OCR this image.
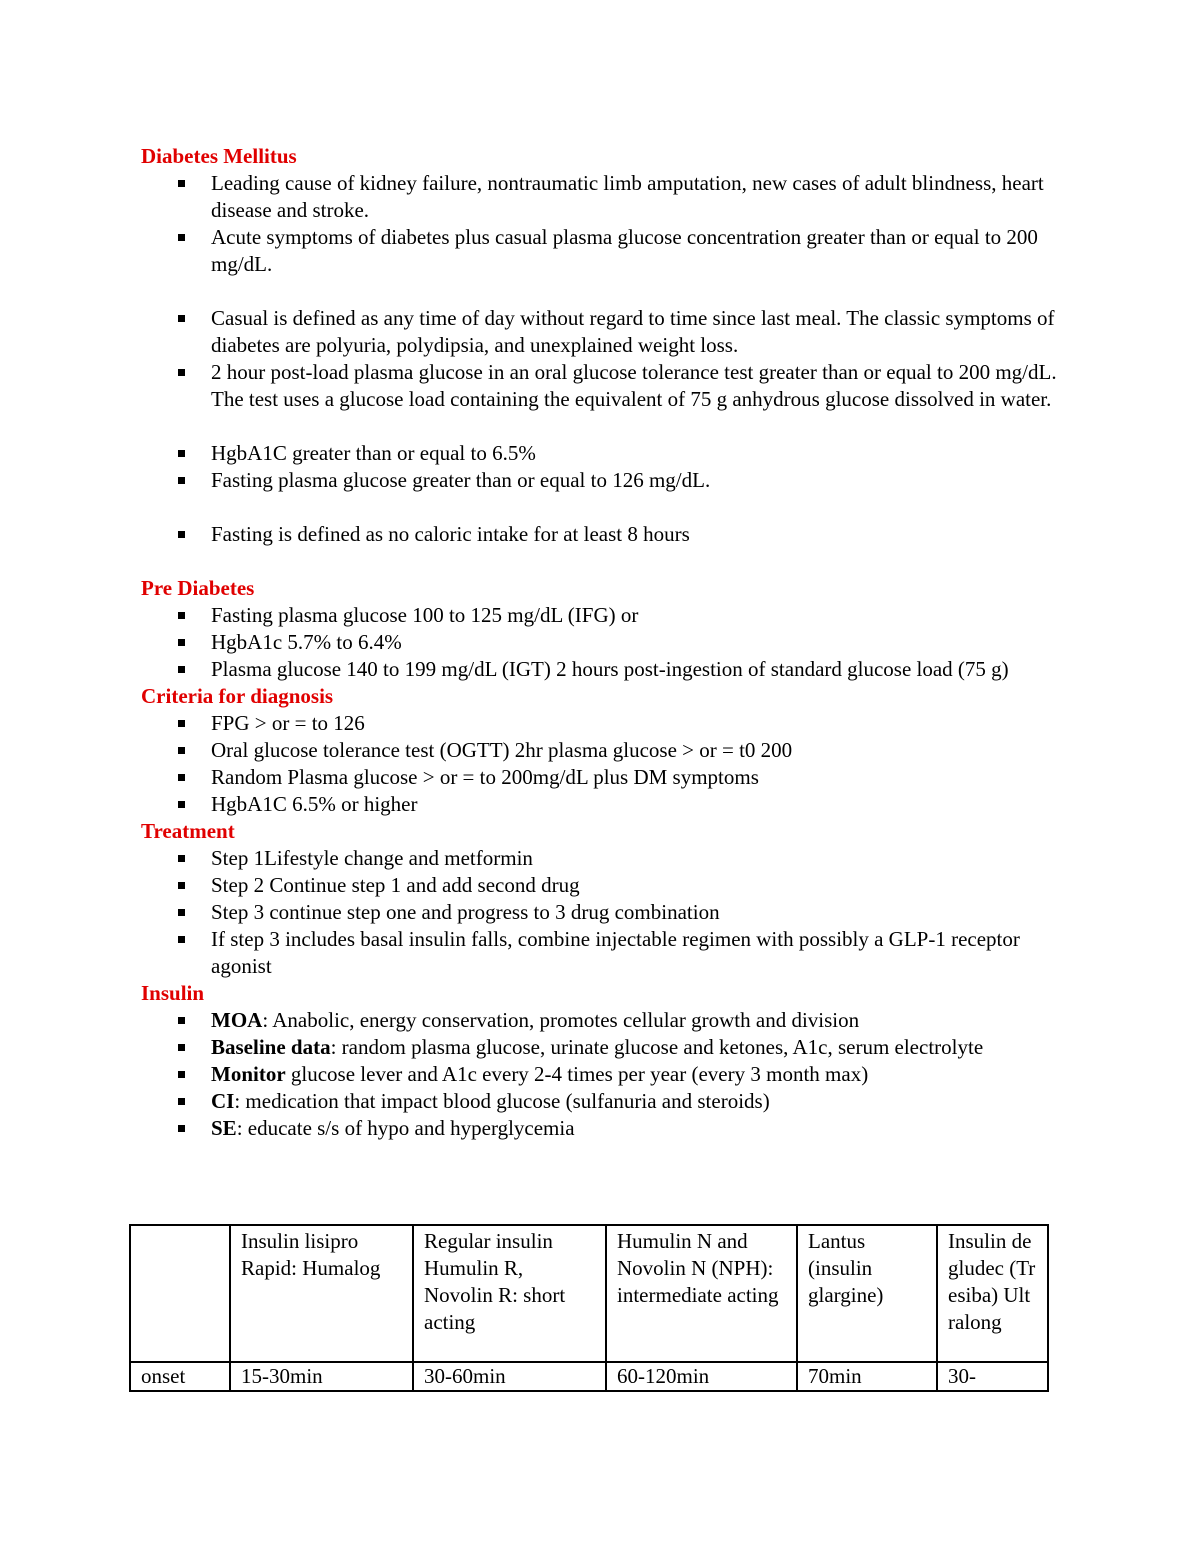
Diabetes Mellitus
Leading cause of kidney failure, nontraumatic limb amputation, new cases of adult blindness, heart disease and stroke.
Acute symptoms of diabetes plus casual plasma glucose concentration greater than or equal to 200 mg/dL.
Casual is defined as any time of day without regard to time since last meal. The classic symptoms of diabetes are polyuria, polydipsia, and unexplained weight loss.
2 hour post-load plasma glucose in an oral glucose tolerance test greater than or equal to 200 mg/dL. The test uses a glucose load containing the equivalent of 75 g anhydrous glucose dissolved in water.
HgbA1C greater than or equal to 6.5%
Fasting plasma glucose greater than or equal to 126 mg/dL.
Fasting is defined as no caloric intake for at least 8 hours
Pre Diabetes
Fasting plasma glucose 100 to 125 mg/dL (IFG) or
HgbA1c 5.7% to 6.4%
Plasma glucose 140 to 199 mg/dL (IGT) 2 hours post-ingestion of standard glucose load (75 g)
Criteria for diagnosis
FPG > or = to 126
Oral glucose tolerance test (OGTT) 2hr plasma glucose > or = t0 200
Random Plasma glucose > or = to 200mg/dL plus DM symptoms
HgbA1C 6.5% or higher
Treatment
Step 1Lifestyle change and metformin
Step 2 Continue step 1 and add second drug
Step 3 continue step one and progress to 3 drug combination
If step 3 includes basal insulin falls, combine injectable regimen with possibly a GLP-1 receptor agonist
Insulin
MOA: Anabolic, energy conservation, promotes cellular growth and division
Baseline data: random plasma glucose, urinate glucose and ketones, A1c, serum electrolyte
Monitor glucose lever and A1c every 2-4 times per year (every 3 month max)
CI: medication that impact blood glucose (sulfanuria and steroids)
SE: educate s/s of hypo and hyperglycemia
	Insulin lisipro Rapid: Humalog	Regular insulin Humulin R, Novolin R: short acting	Humulin N and Novolin N (NPH): intermediate acting	Lantus (insulin glargine)	Insulin degludec (Tresiba) Ultralong
onset	15-30min	30-60min	60-120min	70min	30-
